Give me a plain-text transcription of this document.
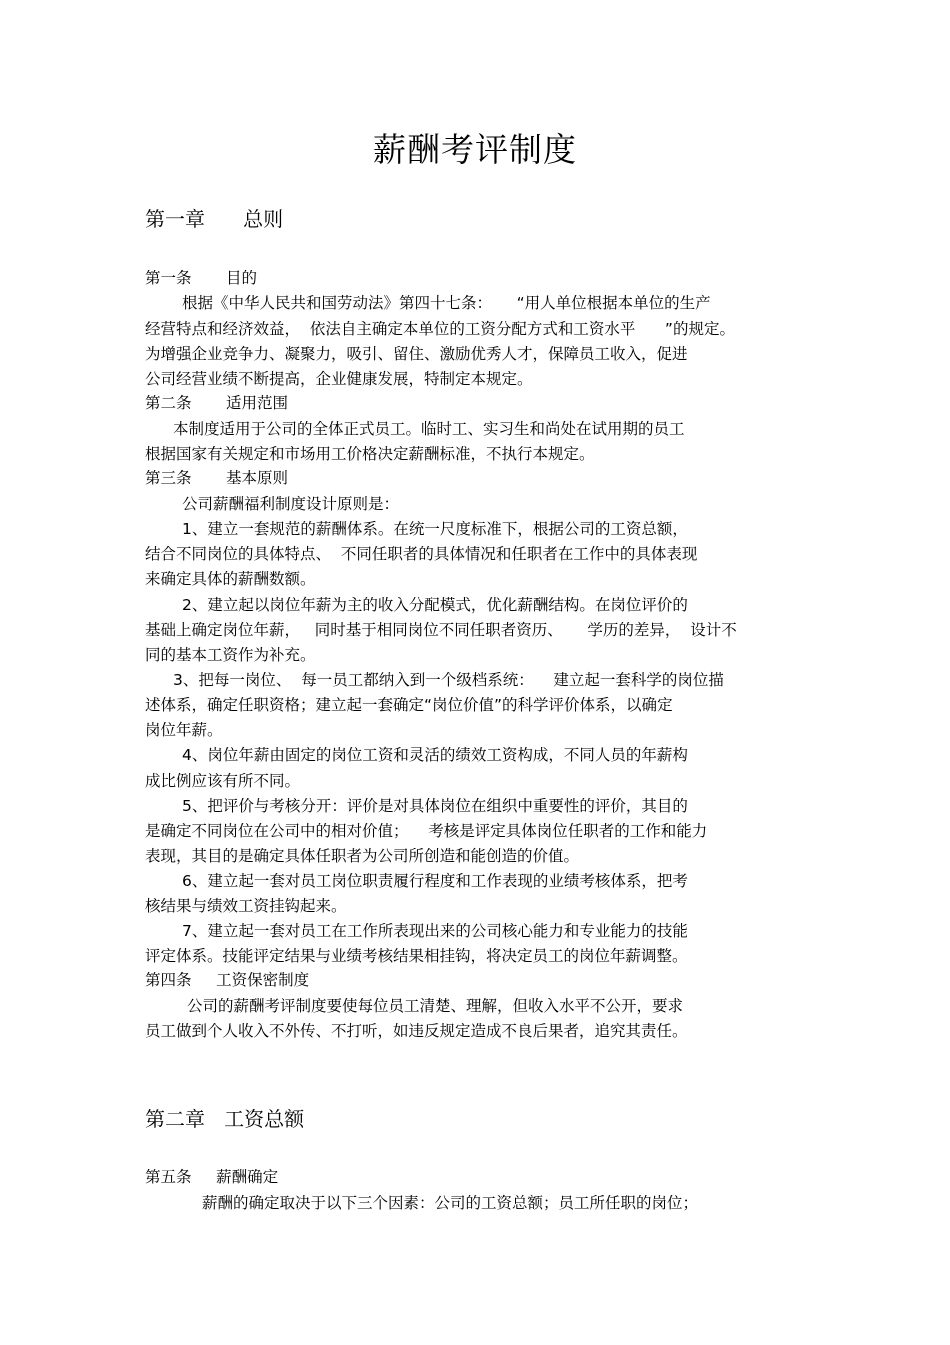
薪酬考评制度
第一章      总则

第一条       目的

根据《中华人民共和国劳动法》第四十七条：     “用人单位根据本单位的生产

经营特点和经济效益，  依法自主确定本单位的工资分配方式和工资水平      ”的规定。

为增强企业竞争力、凝聚力，吸引、留住、激励优秀人才，保障员工收入，促进

公司经营业绩不断提高，企业健康发展，特制定本规定。

第二条       适用范围

本制度适用于公司的全体正式员工。临时工、实习生和尚处在试用期的员工

根据国家有关规定和市场用工价格决定薪酬标准，不执行本规定。

第三条       基本原则

公司薪酬福利制度设计原则是：

1、建立一套规范的薪酬体系。在统一尺度标准下，根据公司的工资总额，

结合不同岗位的具体特点、  不同任职者的具体情况和任职者在工作中的具体表现

来确定具体的薪酬数额。

2、建立起以岗位年薪为主的收入分配模式，优化薪酬结构。在岗位评价的

基础上确定岗位年薪，   同时基于相同岗位不同任职者资历、     学历的差异，  设计不

同的基本工资作为补充。

3、把每一岗位、  每一员工都纳入到一个级档系统：    建立起一套科学的岗位描

述体系，确定任职资格；建立起一套确定“岗位价值”的科学评价体系，以确定

岗位年薪。

4、岗位年薪由固定的岗位工资和灵活的绩效工资构成，不同人员的年薪构

成比例应该有所不同。

5、把评价与考核分开：评价是对具体岗位在组织中重要性的评价，其目的

是确定不同岗位在公司中的相对价值；    考核是评定具体岗位任职者的工作和能力

表现，其目的是确定具体任职者为公司所创造和能创造的价值。

6、建立起一套对员工岗位职责履行程度和工作表现的业绩考核体系，把考

核结果与绩效工资挂钩起来。

7、建立起一套对员工在工作所表现出来的公司核心能力和专业能力的技能

评定体系。技能评定结果与业绩考核结果相挂钩，将决定员工的岗位年薪调整。

第四条     工资保密制度

公司的薪酬考评制度要使每位员工清楚、理解，但收入水平不公开，要求

员工做到个人收入不外传、不打听，如违反规定造成不良后果者，追究其责任。

第二章   工资总额

第五条     薪酬确定

薪酬的确定取决于以下三个因素：公司的工资总额；员工所任职的岗位；
